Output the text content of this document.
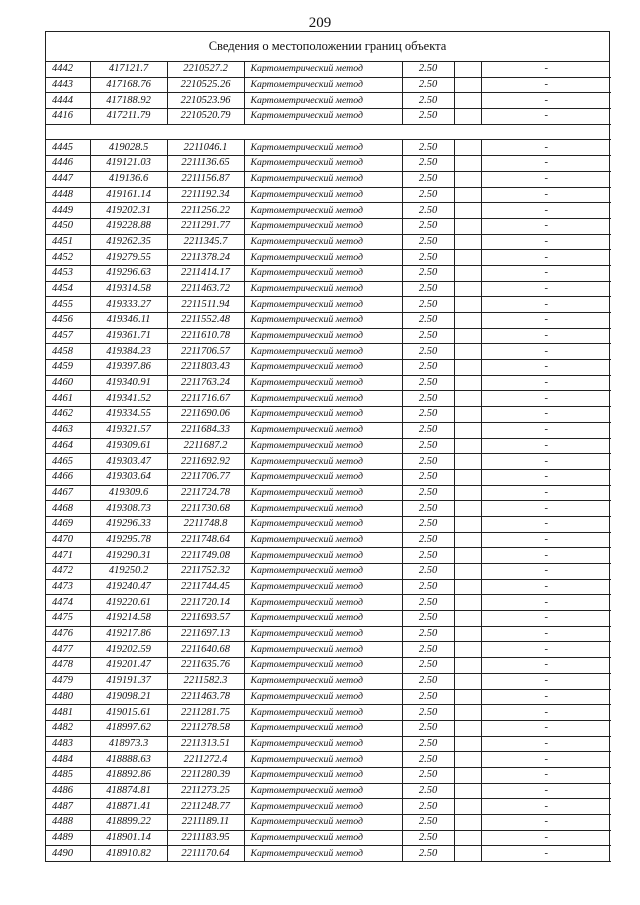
209
Сведения о местоположении границ объекта
4442	417121.7	2210527.2	Картометрический метод	2.50		-
4443	417168.76	2210525.26	Картометрический метод	2.50		-
4444	417188.92	2210523.96	Картометрический метод	2.50		-
4416	417211.79	2210520.79	Картометрический метод	2.50		-

4445	419028.5	2211046.1	Картометрический метод	2.50		-
4446	419121.03	2211136.65	Картометрический метод	2.50		-
4447	419136.6	2211156.87	Картометрический метод	2.50		-
4448	419161.14	2211192.34	Картометрический метод	2.50		-
4449	419202.31	2211256.22	Картометрический метод	2.50		-
4450	419228.88	2211291.77	Картометрический метод	2.50		-
4451	419262.35	2211345.7	Картометрический метод	2.50		-
4452	419279.55	2211378.24	Картометрический метод	2.50		-
4453	419296.63	2211414.17	Картометрический метод	2.50		-
4454	419314.58	2211463.72	Картометрический метод	2.50		-
4455	419333.27	2211511.94	Картометрический метод	2.50		-
4456	419346.11	2211552.48	Картометрический метод	2.50		-
4457	419361.71	2211610.78	Картометрический метод	2.50		-
4458	419384.23	2211706.57	Картометрический метод	2.50		-
4459	419397.86	2211803.43	Картометрический метод	2.50		-
4460	419340.91	2211763.24	Картометрический метод	2.50		-
4461	419341.52	2211716.67	Картометрический метод	2.50		-
4462	419334.55	2211690.06	Картометрический метод	2.50		-
4463	419321.57	2211684.33	Картометрический метод	2.50		-
4464	419309.61	2211687.2	Картометрический метод	2.50		-
4465	419303.47	2211692.92	Картометрический метод	2.50		-
4466	419303.64	2211706.77	Картометрический метод	2.50		-
4467	419309.6	2211724.78	Картометрический метод	2.50		-
4468	419308.73	2211730.68	Картометрический метод	2.50		-
4469	419296.33	2211748.8	Картометрический метод	2.50		-
4470	419295.78	2211748.64	Картометрический метод	2.50		-
4471	419290.31	2211749.08	Картометрический метод	2.50		-
4472	419250.2	2211752.32	Картометрический метод	2.50		-
4473	419240.47	2211744.45	Картометрический метод	2.50		-
4474	419220.61	2211720.14	Картометрический метод	2.50		-
4475	419214.58	2211693.57	Картометрический метод	2.50		-
4476	419217.86	2211697.13	Картометрический метод	2.50		-
4477	419202.59	2211640.68	Картометрический метод	2.50		-
4478	419201.47	2211635.76	Картометрический метод	2.50		-
4479	419191.37	2211582.3	Картометрический метод	2.50		-
4480	419098.21	2211463.78	Картометрический метод	2.50		-
4481	419015.61	2211281.75	Картометрический метод	2.50		-
4482	418997.62	2211278.58	Картометрический метод	2.50		-
4483	418973.3	2211313.51	Картометрический метод	2.50		-
4484	418888.63	2211272.4	Картометрический метод	2.50		-
4485	418892.86	2211280.39	Картометрический метод	2.50		-
4486	418874.81	2211273.25	Картометрический метод	2.50		-
4487	418871.41	2211248.77	Картометрический метод	2.50		-
4488	418899.22	2211189.11	Картометрический метод	2.50		-
4489	418901.14	2211183.95	Картометрический метод	2.50		-
4490	418910.82	2211170.64	Картометрический метод	2.50		-
